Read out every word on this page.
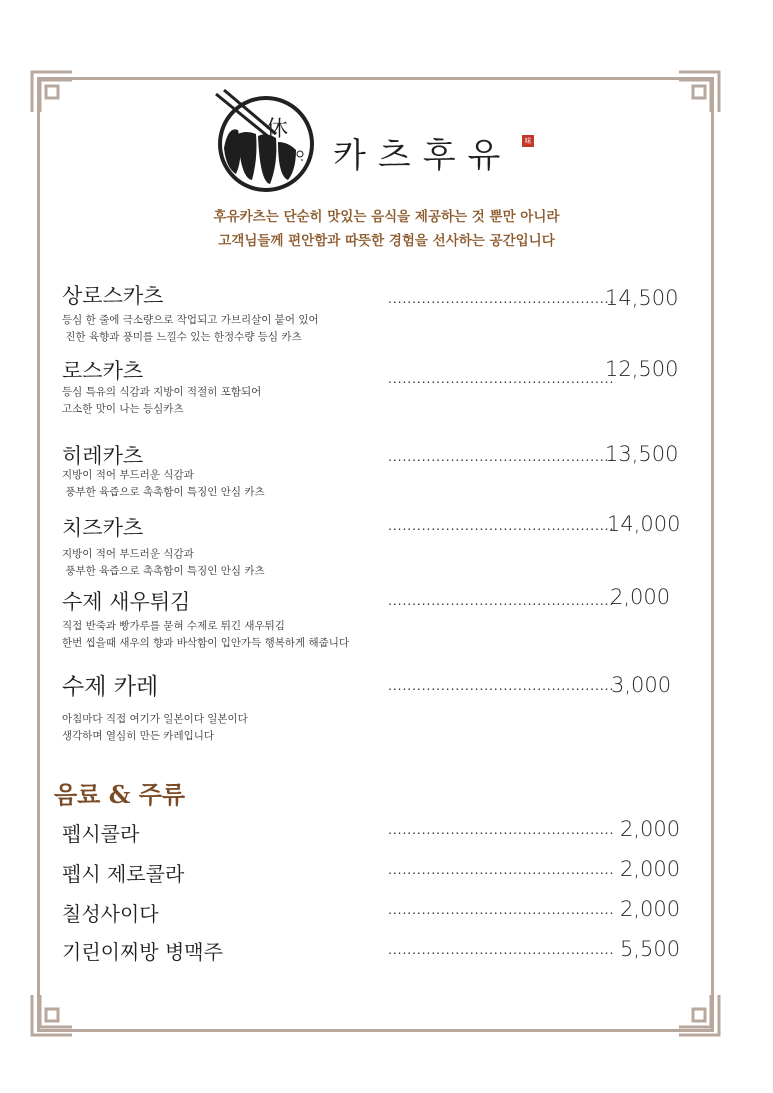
休
카츠후유	味
후유카츠는 단순히 맛있는 음식을 제공하는 것 뿐만 아니라
고객님들께 편안함과 따뜻한 경험을 선사하는 공간입니다
상로스카츠
등심 한 줄에 극소량으로 작업되고 가브리살이 붙어 있어
진한 육향과 풍미를 느낄수 있는 한정수량 등심 카츠
...............................................
14,500
로스카츠
등심 특유의 식감과 지방이 적절히 포함되어
고소한 맛이 나는 등심카츠
...............................................
12,500
히레카츠
지방이 적어 부드러운 식감과
풍부한 육즙으로 촉촉함이 특징인 안심 카츠
...............................................
13,500
치즈카츠
지방이 적어 부드러운 식감과
풍부한 육즙으로 촉촉함이 특징인 안심 카츠
...............................................
14,000
수제 새우튀김
직접 반죽과 빵가루를 묻혀 수제로 튀긴 새우튀김
한번 씹을때 새우의 향과 바삭함이 입안가득 행복하게 해줍니다
...............................................
2,000
수제 카레
아침마다 직접 여기가 일본이다 일본이다
생각하며 열심히 만든 카레입니다
...............................................
3,000
음료 & 주류
펩시콜라	............................................... 2,000
펩시 제로콜라	............................................... 2,000
칠성사이다	............................................... 2,000
기린이찌방 병맥주	............................................... 5,500
